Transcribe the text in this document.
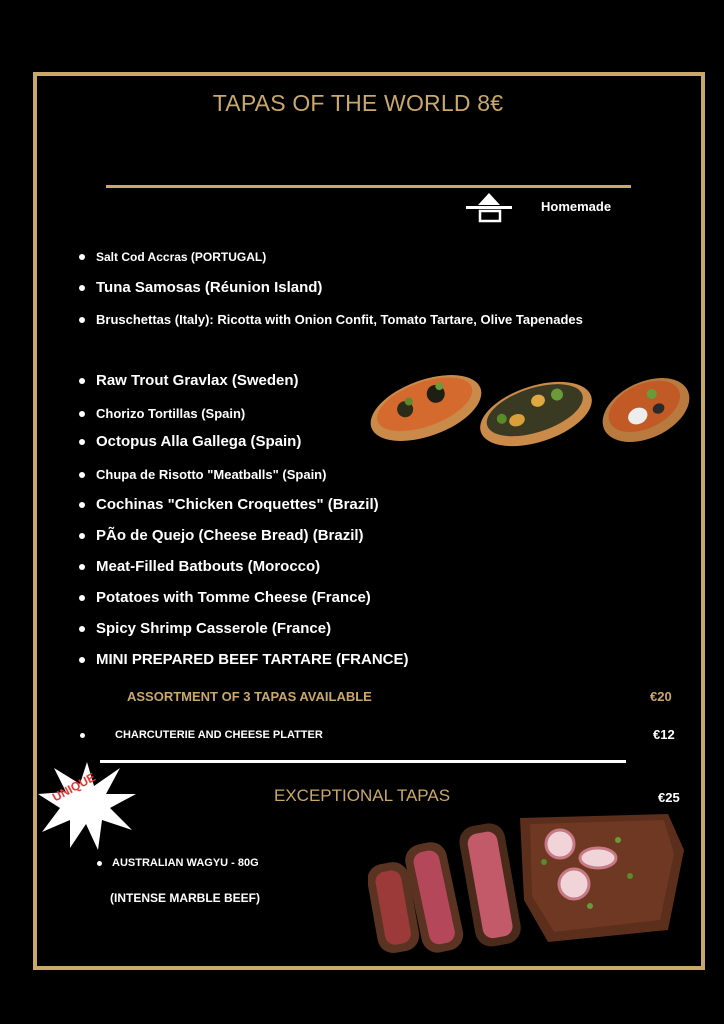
TAPAS OF THE WORLD 8€
Homemade
Salt Cod Accras (PORTUGAL)
Tuna Samosas (Réunion Island)
Bruschettas (Italy): Ricotta with Onion Confit, Tomato Tartare, Olive Tapenades
Raw Trout Gravlax (Sweden)
Chorizo Tortillas (Spain)
Octopus Alla Gallega (Spain)
Chupa de Risotto "Meatballs" (Spain)
Cochinas "Chicken Croquettes" (Brazil)
PÃo de Quejo (Cheese Bread) (Brazil)
Meat-Filled Batbouts (Morocco)
Potatoes with Tomme Cheese (France)
Spicy Shrimp Casserole (France)
MINI PREPARED BEEF TARTARE (FRANCE)
ASSORTMENT OF 3 TAPAS AVAILABLE	€20
CHARCUTERIE AND CHEESE PLATTER	€12
UNIQUE	EXCEPTIONAL TAPAS	€25
AUSTRALIAN WAGYU - 80G
(INTENSE MARBLE BEEF)
